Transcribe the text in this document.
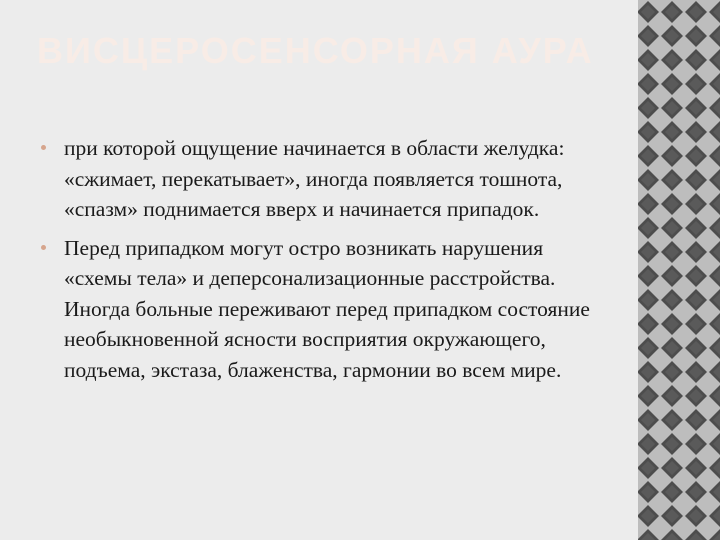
ВИСЦЕРОСЕНСОРНАЯ АУРА
при которой ощущение начинается в области желудка: «сжимает, перекатывает», иногда появляется тошнота, «спазм» поднимается вверх и начинается припадок.
Перед припадком могут остро возникать нарушения «схемы тела» и деперсонализационные расстройства. Иногда больные переживают перед припадком состояние необыкновенной ясности восприятия окружающего, подъема, экстаза, блаженства, гармонии во всем мире.
